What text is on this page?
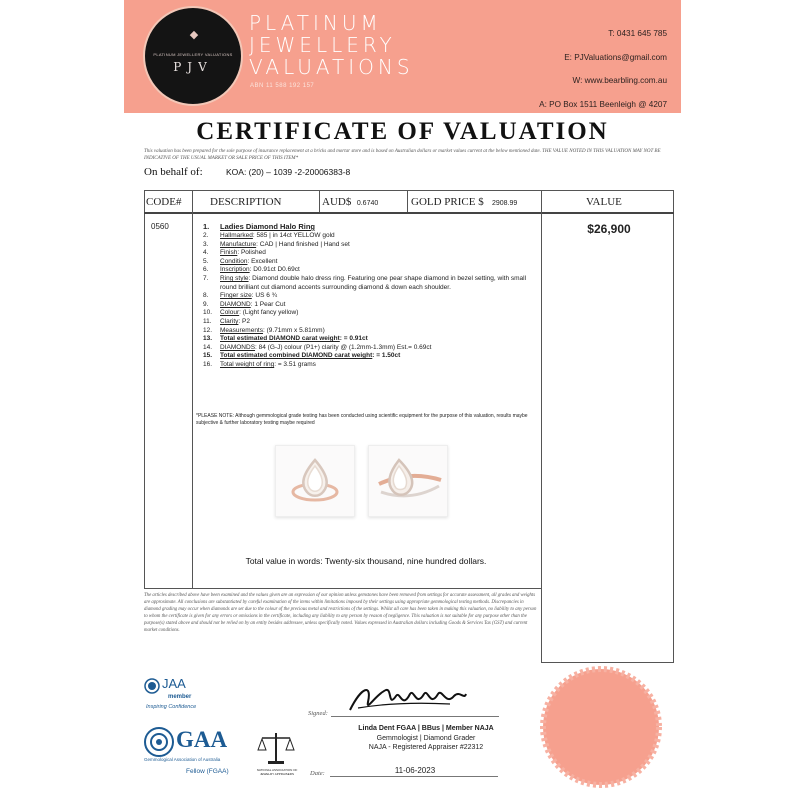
◆
PLATINUM JEWELLERY VALUATIONS
PJV
PLATINUM
JEWELLERY
VALUATIONS
ABN 11 588 192 157
T: 0431 645 785
E: PJValuations@gmail.com
W: www.bearbling.com.au
A: PO Box 1511 Beenleigh @ 4207
CERTIFICATE OF VALUATION
This valuation has been prepared for the sole purpose of insurance replacement at a bricks and mortar store and is based on Australian dollars or market values current at the below mentioned date. THE VALUE NOTED IN THIS VALUATION MAY NOT BE INDICATIVE OF THE USUAL MARKET OR SALE PRICE OF THIS ITEM*
On behalf of:	KOA: (20) – 1039 -2-20006383-8
CODE#	DESCRIPTION	AUD$ 0.6740	GOLD PRICE $ 2908.99	VALUE
0560	$26,900
1.	Ladies Diamond Halo Ring
2.	Hallmarked: 585 | in 14ct YELLOW gold
3.	Manufacture: CAD | Hand finished | Hand set
4.	Finish: Polished
5.	Condition: Excellent
6.	Inscription: D0.91ct D0.69ct
7.	Ring style: Diamond double halo dress ring. Featuring one pear shape diamond in bezel setting, with small round brilliant cut diamond accents surrounding diamond & down each shoulder.
8.	Finger size: US 6 ¾
9.	DIAMOND: 1 Pear Cut
10.	Colour: (Light fancy yellow)
11.	Clarity: P2
12.	Measurements: (9.71mm x 5.81mm)
13.	Total estimated DIAMOND carat weight: = 0.91ct
14.	DIAMONDS: 84 (G-J) colour (P1+) clarity @ (1.2mm-1.3mm) Est.= 0.69ct
15.	Total estimated combined DIAMOND carat weight: = 1.50ct
16.	Total weight of ring: = 3.51 grams
*PLEASE NOTE: Although gemmological grade testing has been conducted using scientific equipment for the purpose of this valuation, results maybe subjective & further laboratory testing maybe required
Total value in words: Twenty-six thousand, nine hundred dollars.
The articles described above have been examined and the values given are an expression of our opinion unless gemstones have been removed from settings for accurate assessment, all grades and weights are approximate. All conclusions are substantiated by careful examination of the items within limitations imposed by their settings using appropriate gemmological testing methods. Discrepancies in diamond grading may occur when diamonds are set due to the colour of the precious metal and restrictions of the settings. Whilst all care has been taken in making this valuation, no liability to any person to whom the certificate is given for any errors or omissions in the certificate, including any liability to any person by reason of negligence. This valuation is not suitable for any purpose other than the purpose(s) stated above and should not be relied on by an entity besides addressee, unless specifically noted. Values expressed in Australian dollars including Goods & Services Tax (GST) and current market conditions.
JAA
member
Inspiring Confidence
GAA
Gemmological Association of Australia
Fellow (FGAA)	NATIONAL ASSOCIATION OF JEWELRY APPRAISERS
Signed:
Linda Dent FGAA | BBus | Member NAJA
Gemmologist | Diamond Grader
NAJA - Registered Appraiser #22312
Date:	11-06-2023
